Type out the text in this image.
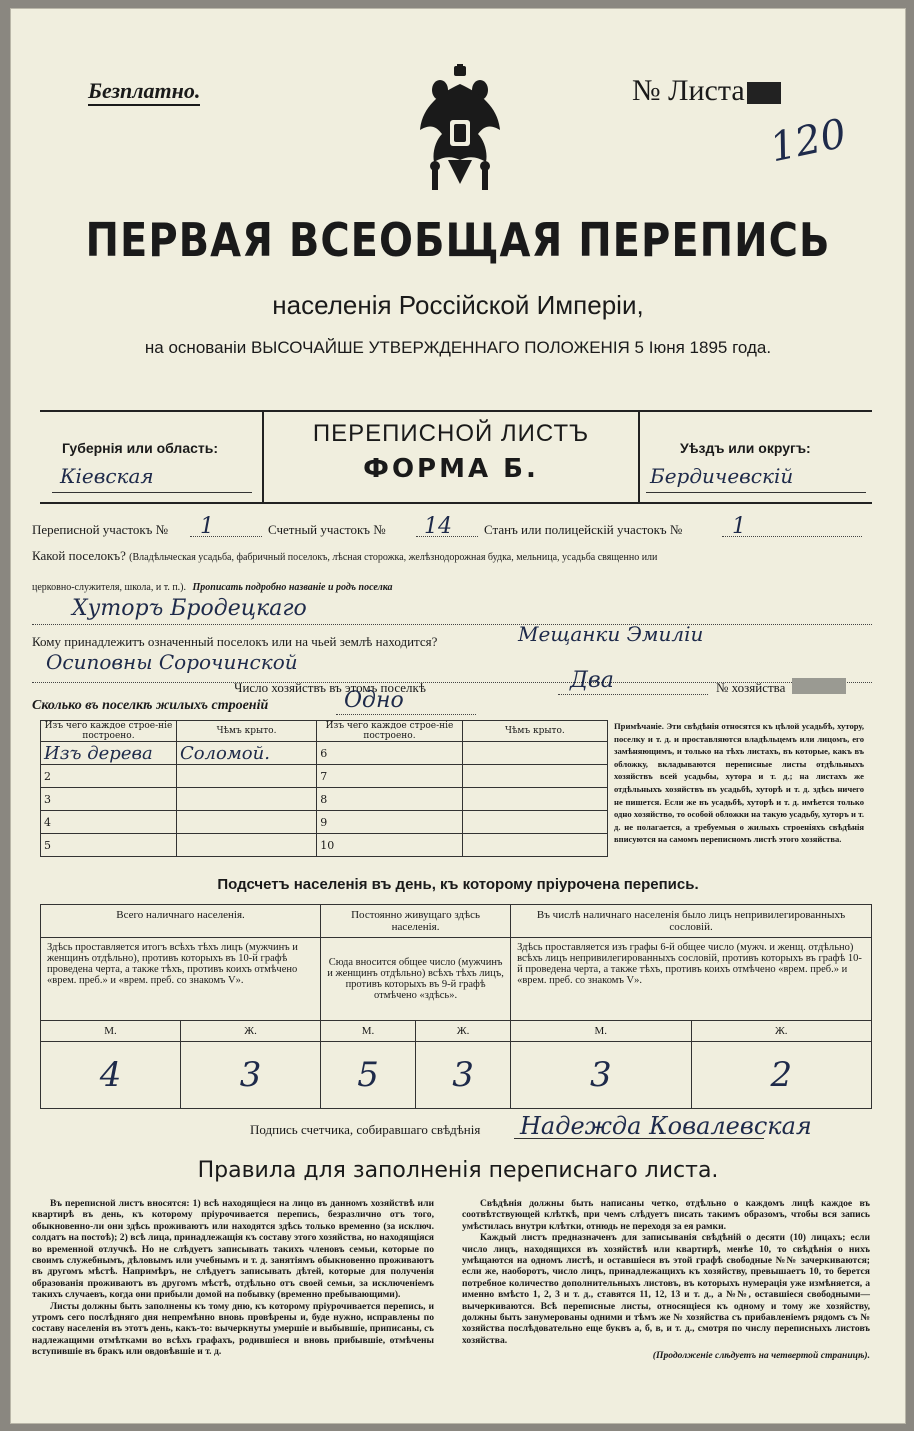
Безплатно.	№ Листа
120
ПЕРВАЯ ВСЕОБЩАЯ ПЕРЕПИСЬ
населенія Россійской Имперіи,
на основаніи ВЫСОЧАЙШЕ УТВЕРЖДЕННАГО ПОЛОЖЕНІЯ 5 Іюня 1895 года.
Губернія или область:
Кіевская
ПЕРЕПИСНОЙ ЛИСТЪ
ФОРМА Б.
Уѣздъ или округъ:
Бердичевскій
Переписной участокъ № 1	Счетный участокъ № 14 Станъ или полицейскій участокъ № 1
Какой поселокъ? (Владѣльческая усадьба, фабричный поселокъ, лѣсная сторожка, желѣзнодорожная будка, мельница, усадьба священно или
церковно-служителя, школа, и т. п.). Прописать подробно названіе и родъ поселка
Хуторъ Бродецкаго
Кому принадлежитъ означенный поселокъ или на чьей землѣ находится?	Мещанки Эмиліи
Осиповны Сорочинской
Число хозяйствъ въ этомъ поселкѣ	Два	№ хозяйства
Сколько въ поселкѣ жилыхъ строеній	Одно
Изъ чего каждое строе-ніе построено.	Чѣмъ крыто.	Изъ чего каждое строе-ніе построено.	Чѣмъ крыто.
Изъ дерева	Соломой.	6	
2		7	
3		8	
4		9	
5		10	
Примѣчаніе. Эти свѣдѣнія относятся къ цѣлой усадьбѣ, хутору, поселку и т. д. и проставляются владѣльцемъ или лицомъ, его замѣняющимъ, и только на тѣхъ листахъ, въ которые, какъ въ обложку, вкладываются переписные листы отдѣльныхъ хозяйствъ всей усадьбы, хутора и т. д.; на листахъ же отдѣльныхъ хозяйствъ въ усадьбѣ, хуторѣ и т. д. здѣсь ничего не пишется. Если же въ усадьбѣ, хуторѣ и т. д. имѣется только одно хозяйство, то особой обложки на такую усадьбу, хуторъ и т. д. не полагается, а требуемыя о жилыхъ строеніяхъ свѣдѣнія вписуются на самомъ переписномъ листѣ этого хозяйства.
Подсчетъ населенія въ день, къ которому пріурочена перепись.
Всего наличнаго населенія.		Постоянно живущаго здѣсь населенія.		Въ числѣ наличнаго населенія было лицъ непривилегированныхъ сословій.	
Здѣсь проставляется итогъ всѣхъ тѣхъ лицъ (мужчинъ и женщинъ отдѣльно), противъ которыхъ въ 10-й графѣ проведена черта, а также тѣхъ, противъ коихъ отмѣчено «врем. преб.» и «врем. преб. со знакомъ V».		Сюда вносится общее число (мужчинъ и женщинъ отдѣльно) всѣхъ тѣхъ лицъ, противъ которыхъ въ 9-й графѣ отмѣчено «здѣсь».		Здѣсь проставляется изъ графы 6-й общее число (мужч. и женщ. отдѣльно) всѣхъ лицъ непривилегированныхъ сословій, противъ которыхъ въ графѣ 10-й проведена черта, а также тѣхъ, противъ коихъ отмѣчено «врем. преб.» и «врем. преб. со знакомъ V».	
М.	Ж.	М.	Ж.	М.	Ж.
4	3	5	3	3	2
Подпись счетчика, собиравшаго свѣдѣнія Надежда Ковалевская
Правила для заполненія переписнаго листа.

Въ переписной листъ вносятся: 1) всѣ находящіеся на лицо въ данномъ хозяйствѣ или квартирѣ въ день, къ которому пріурочивается перепись, безразлично отъ того, обыкновенно-ли они здѣсь проживаютъ или находятся здѣсь только временно (за исключ. солдатъ на постоѣ); 2) всѣ лица, принадлежащія къ составу этого хозяйства, но находящіяся во временной отлучкѣ. Но не слѣдуетъ записывать такихъ членовъ семьи, которые по своимъ служебнымъ, дѣловымъ или учебнымъ и т. д. занятіямъ обыкновенно проживаютъ въ другомъ мѣстѣ. Напримѣръ, не слѣдуетъ записывать дѣтей, которые для полученія образованія проживаютъ въ другомъ мѣстѣ, отдѣльно отъ своей семьи, за исключеніемъ такихъ случаевъ, когда они прибыли домой на побывку (временно пребывающими).

Листы должны быть заполнены къ тому дню, къ которому пріурочивается перепись, и утромъ сего послѣдняго дня непремѣнно вновь провѣрены и, буде нужно, исправлены по составу населенія въ этотъ день, какъ-то: вычеркнуты умершіе и выбывшіе, приписаны, съ надлежащими отмѣтками во всѣхъ графахъ, родившіеся и вновь прибывшіе, отмѣчены вступившіе въ бракъ или овдовѣвшіе и т. д.

Свѣдѣнія должны быть написаны четко, отдѣльно о каждомъ лицѣ каждое въ соотвѣтствующей клѣткѣ, при чемъ слѣдуетъ писать такимъ образомъ, чтобы вся запись умѣстилась внутри клѣтки, отнюдь не переходя за ея рамки.

Каждый листъ предназначенъ для записыванія свѣдѣній о десяти (10) лицахъ; если число лицъ, находящихся въ хозяйствѣ или квартирѣ, менѣе 10, то свѣдѣнія о нихъ умѣщаются на одномъ листѣ, и оставшіеся въ этой графѣ свободные №№ зачеркиваются; если же, наоборотъ, число лицъ, принадлежащихъ къ хозяйству, превышаетъ 10, то берется потребное количество дополнительныхъ листовъ, въ которыхъ нумерація уже измѣняется, а именно вмѣсто 1, 2, 3 и т. д., ставятся 11, 12, 13 и т. д., а №№, оставшіеся свободными—вычеркиваются. Всѣ переписные листы, относящіеся къ одному и тому же хозяйству, должны быть занумерованы одними и тѣмъ же № хозяйства съ прибавленіемъ рядомъ съ № хозяйства послѣдовательно еще буквъ а, б, в, и т. д., смотря по числу переписныхъ листовъ хозяйства.

(Продолженіе слѣдуетъ на четвертой страницѣ).
